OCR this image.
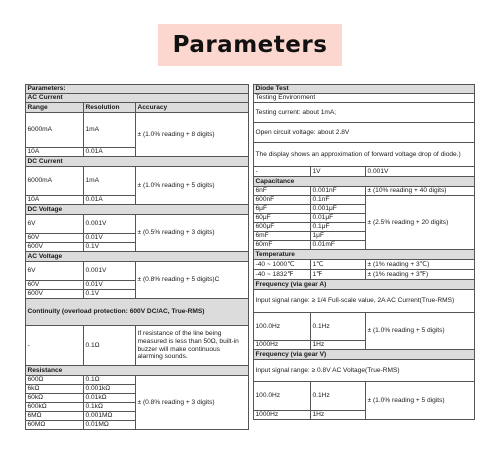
Parameters
Parameters:		
AC Current		
Range	Resolution	Accuracy
6000mA	1mA	± (1.0% reading + 8 digits)
10A	0.01A	
DC Current		
6000mA	1mA	± (1.0% reading + 5 digits)
10A	0.01A	
DC Voltage		
6V	0.001V	± (0.5% reading + 3 digits)
60V	0.01V	
600V	0.1V	
AC Voltage		
6V	0.001V	± (0.8% reading + 5 digits)C
60V	0.01V	
600V	0.1V	
Continuity (overload protection: 600V DC/AC, True-RMS)		
-	0.1Ω	If resistance of the line being measured is less than 50Ω, built-in buzzer will make continuous alarming sounds.
Resistance		
600Ω	0.1Ω	± (0.8% reading + 3 digits)
6kΩ	0.001kΩ	
60kΩ	0.01kΩ	
600kΩ	0.1kΩ	
6MΩ	0.001MΩ	
60MΩ	0.01MΩ	
Diode Test		
Testing Environment		
Testing current: about 1mA;		
Open circuit voltage: about 2.8V		
The display shows an approximation of forward voltage drop of diode.)		
-	1V	0.001V
Capacitance		
6nF	0.001nF	± (10% reading + 40 digits)
600nF	0.1nF	± (2.5% reading + 20 digits)
6μF	0.001μF	
60μF	0.01μF	
600μF	0.1μF	
6mF	1μF	
60mF	0.01mF	
Temperature		
-40 ~ 1000℃	1℃	± (1% reading + 3℃)
-40 ~ 1832℉	1℉	± (1% reading + 3℉)
Frequency (via gear A)		
Input signal range: ≥ 1/4 Full-scale value, 2A AC Current(True-RMS)		
100.0Hz	0.1Hz	± (1.0% reading + 5 digits)
1000Hz	1Hz	
Frequency (via gear V)		
Input signal range: ≥ 0.8V AC Voltage(True-RMS)		
100.0Hz	0.1Hz	± (1.0% reading + 5 digits)
1000Hz	1Hz	
